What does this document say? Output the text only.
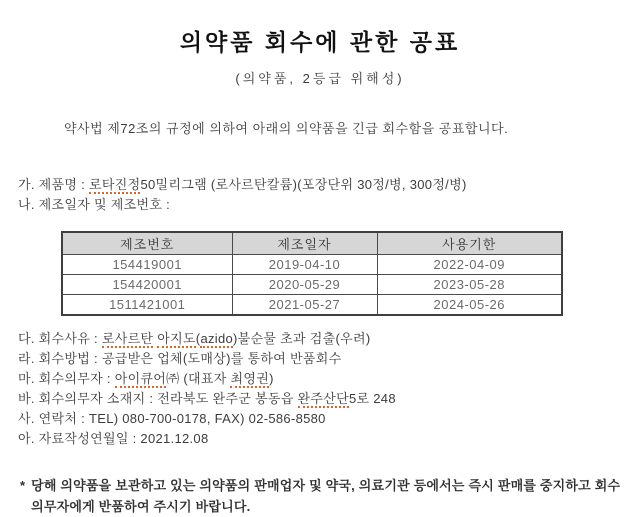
의약품 회수에 관한 공표
(의약품, 2등급 위해성)
약사법 제72조의 규정에 의하여 아래의 의약품을 긴급 회수함을 공표합니다.
가. 제품명 : 로타진정50밀리그램 (로사르탄칼륨)(포장단위 30정/병, 300정/병)
나. 제조일자 및 제조번호 :
제조번호	제조일자	사용기한
154419001	2019-04-10	2022-04-09
154420001	2020-05-29	2023-05-28
1511421001	2021-05-27	2024-05-26
다. 회수사유 : 로사르탄 아지도(azido)불순물 초과 검출(우려)
라. 회수방법 : 공급받은 업체(도매상)를 통하여 반품회수
마. 회수의무자 : 아이큐어㈜ (대표자 최영권)
바. 회수의무자 소재지 : 전라북도 완주군 봉동읍 완주산단5로 248
사. 연락처 : TEL) 080-700-0178, FAX) 02-586-8580
아. 자료작성연월일 : 2021.12.08
* 당해 의약품을 보관하고 있는 의약품의 판매업자 및 약국, 의료기관 등에서는 즉시 판매를 중지하고 회수의무자에게 반품하여 주시기 바랍니다.
